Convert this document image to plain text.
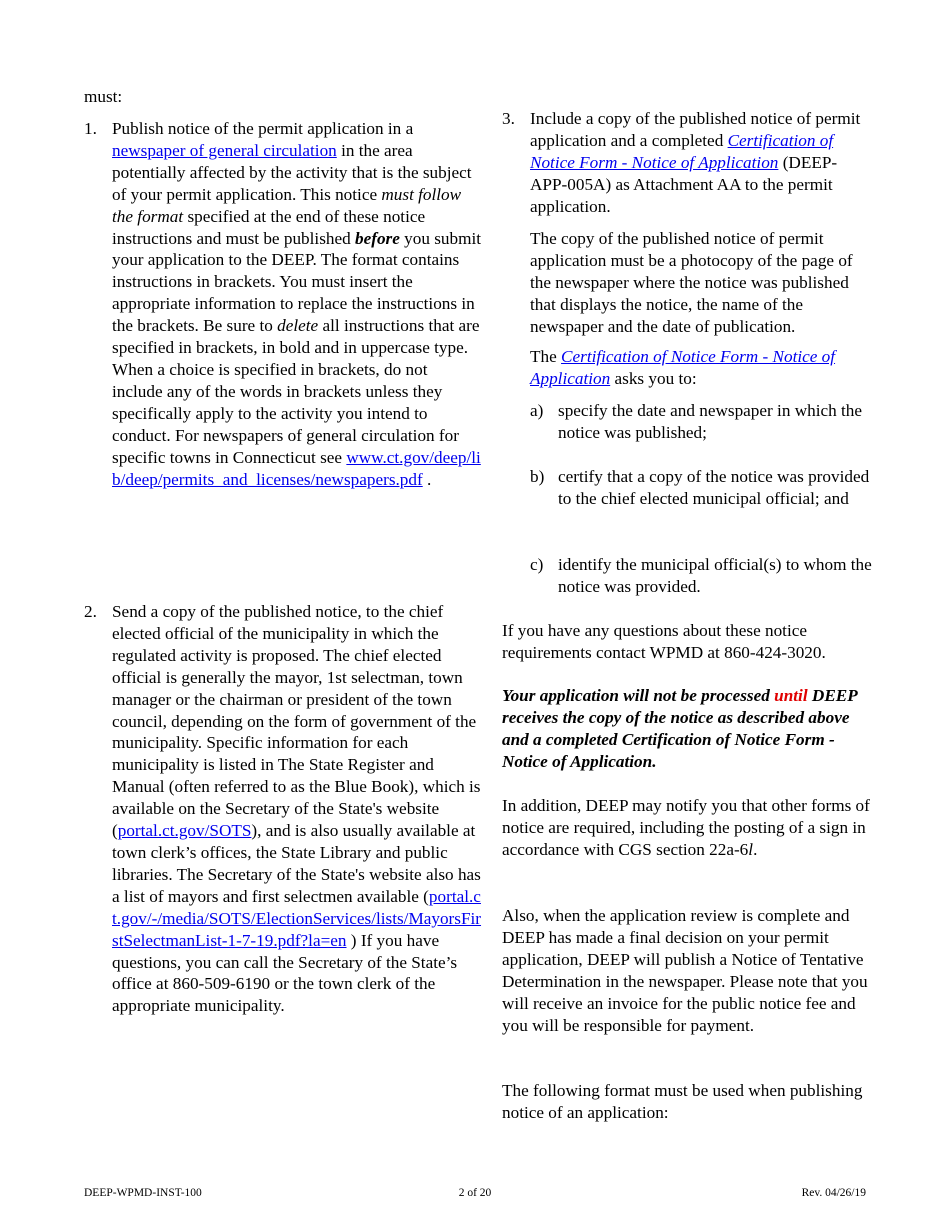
must:

1. Publish notice of the permit application in a newspaper of general circulation in the area potentially affected by the activity that is the subject of your permit application. This notice must follow the format specified at the end of these notice instructions and must be published before you submit your application to the DEEP. The format contains instructions in brackets. You must insert the appropriate information to replace the instructions in the brackets. Be sure to delete all instructions that are specified in brackets, in bold and in uppercase type. When a choice is specified in brackets, do not include any of the words in brackets unless they specifically apply to the activity you intend to conduct. For newspapers of general circulation for specific towns in Connecticut see www.ct.gov/deep/lib/deep/permits_and_licenses/newspapers.pdf .

2. Send a copy of the published notice, to the chief elected official of the municipality in which the regulated activity is proposed. The chief elected official is generally the mayor, 1st selectman, town manager or the chairman or president of the town council, depending on the form of government of the municipality. Specific information for each municipality is listed in The State Register and Manual (often referred to as the Blue Book), which is available on the Secretary of the State's website (portal.ct.gov/SOTS), and is also usually available at town clerk’s offices, the State Library and public libraries. The Secretary of the State's website also has a list of mayors and first selectmen available (portal.ct.gov/-/media/SOTS/ElectionServices/lists/MayorsFirstSelectmanList-1-7-19.pdf?la=en ) If you have questions, you can call the Secretary of the State’s office at 860-509-6190 or the town clerk of the appropriate municipality.

3. Include a copy of the published notice of permit application and a completed Certification of Notice Form - Notice of Application (DEEP-APP-005A) as Attachment AA to the permit application.

The copy of the published notice of permit application must be a photocopy of the page of the newspaper where the notice was published that displays the notice, the name of the newspaper and the date of publication.

The Certification of Notice Form - Notice of Application asks you to:

a) specify the date and newspaper in which the notice was published;

b) certify that a copy of the notice was provided to the chief elected municipal official; and

c) identify the municipal official(s) to whom the notice was provided.

If you have any questions about these notice requirements contact WPMD at 860-424-3020.

Your application will not be processed until DEEP receives the copy of the notice as described above and a completed Certification of Notice Form - Notice of Application.

In addition, DEEP may notify you that other forms of notice are required, including the posting of a sign in accordance with CGS section 22a-6l.

Also, when the application review is complete and DEEP has made a final decision on your permit application, DEEP will publish a Notice of Tentative Determination in the newspaper. Please note that you will receive an invoice for the public notice fee and you will be responsible for payment.

The following format must be used when publishing notice of an application:

DEEP-WPMD-INST-100	2 of 20	Rev. 04/26/19
